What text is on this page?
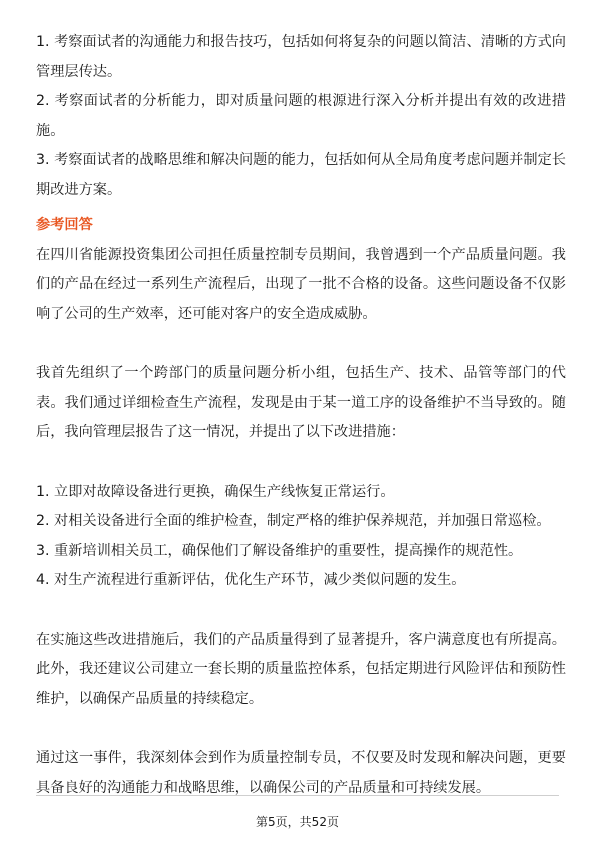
1. 考察面试者的沟通能力和报告技巧，包括如何将复杂的问题以简洁、清晰的方式向管理层传达。

2. 考察面试者的分析能力，即对质量问题的根源进行深入分析并提出有效的改进措施。

3. 考察面试者的战略思维和解决问题的能力，包括如何从全局角度考虑问题并制定长期改进方案。

参考回答

在四川省能源投资集团公司担任质量控制专员期间，我曾遇到一个产品质量问题。我们的产品在经过一系列生产流程后，出现了一批不合格的设备。这些问题设备不仅影响了公司的生产效率，还可能对客户的安全造成威胁。

我首先组织了一个跨部门的质量问题分析小组，包括生产、技术、品管等部门的代表。我们通过详细检查生产流程，发现是由于某一道工序的设备维护不当导致的。随后，我向管理层报告了这一情况，并提出了以下改进措施：

1. 立即对故障设备进行更换，确保生产线恢复正常运行。

2. 对相关设备进行全面的维护检查，制定严格的维护保养规范，并加强日常巡检。

3. 重新培训相关员工，确保他们了解设备维护的重要性，提高操作的规范性。

4. 对生产流程进行重新评估，优化生产环节，减少类似问题的发生。

在实施这些改进措施后，我们的产品质量得到了显著提升，客户满意度也有所提高。此外，我还建议公司建立一套长期的质量监控体系，包括定期进行风险评估和预防性维护，以确保产品质量的持续稳定。

通过这一事件，我深刻体会到作为质量控制专员，不仅要及时发现和解决问题，更要具备良好的沟通能力和战略思维，以确保公司的产品质量和可持续发展。

第5页，共52页
